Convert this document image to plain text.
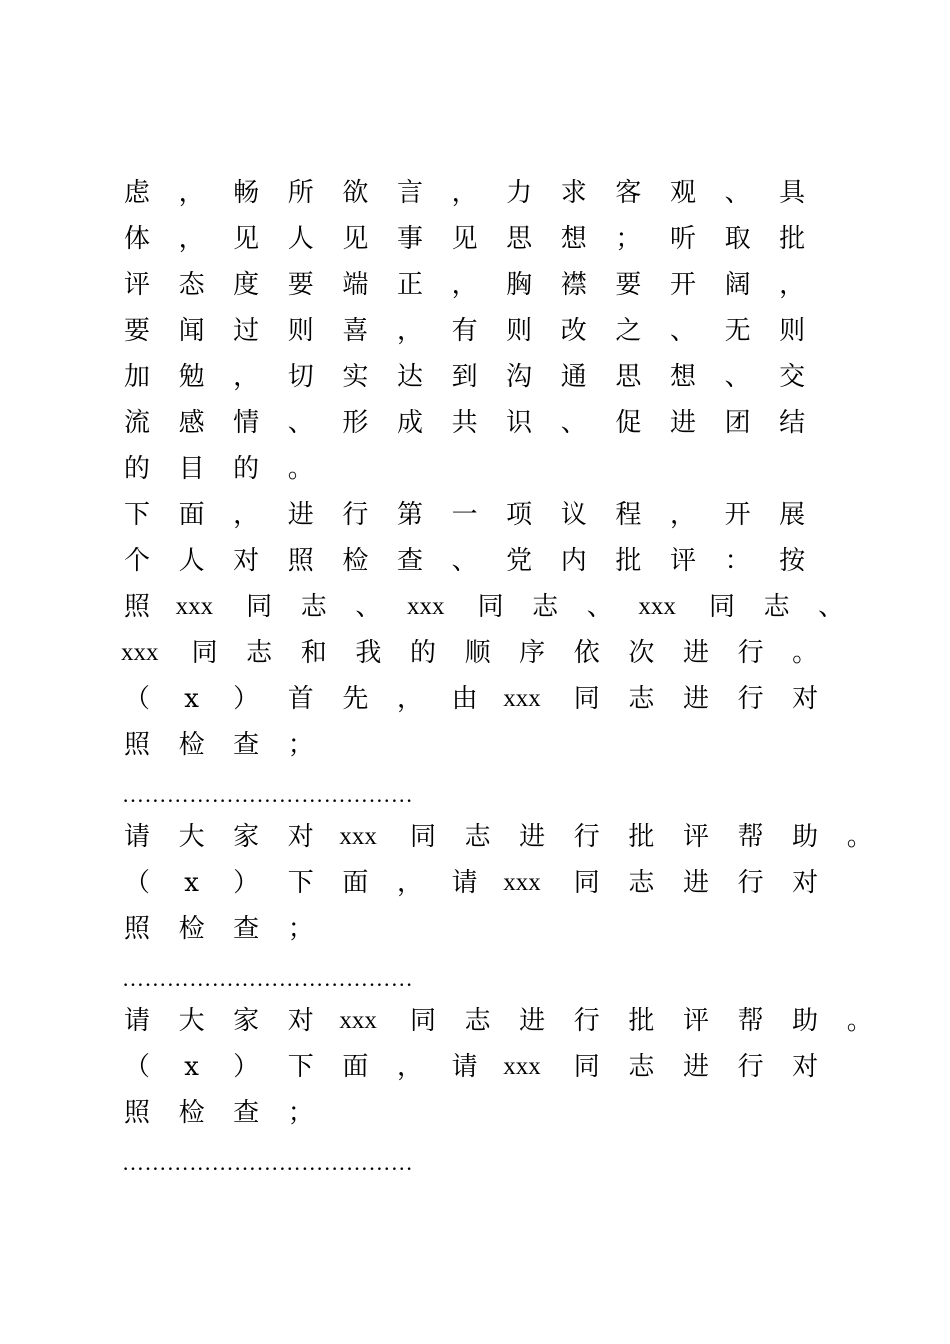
虑 ， 畅 所 欲 言 ， 力 求 客 观 、 具
体 ， 见 人 见 事 见 思 想 ； 听 取 批
评 态 度 要 端 正 ， 胸 襟 要 开 阔 ，
要 闻 过 则 喜 ， 有 则 改 之 、 无 则
加 勉 ， 切 实 达 到 沟 通 思 想 、 交
流 感 情 、 形 成 共 识 、 促 进 团 结
的 目 的 。
下 面 ， 进 行 第 一 项 议 程 ， 开 展
个 人 对 照 检 查 、 党 内 批 评 ： 按
照 xxx 同 志 、 xxx 同 志 、 xxx 同 志 、
xxx 同 志 和 我 的 顺 序 依 次 进 行 。
（ x ） 首 先 ， 由 xxx 同 志 进 行 对
照 检 查 ；
…………………………………
请 大 家 对 xxx 同 志 进 行 批 评 帮 助 。
（ x ） 下 面 ， 请 xxx 同 志 进 行 对
照 检 查 ；
…………………………………
请 大 家 对 xxx 同 志 进 行 批 评 帮 助 。
（ x ） 下 面 ， 请 xxx 同 志 进 行 对
照 检 查 ；
…………………………………
